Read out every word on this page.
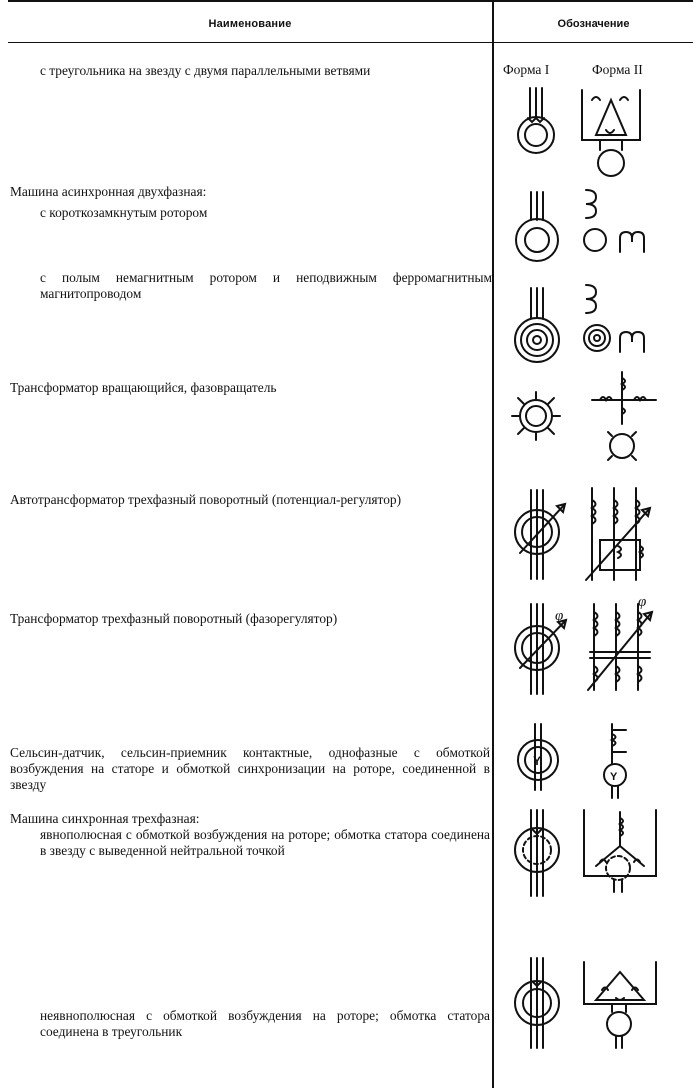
Наименование	Обозначение
Форма I	Форма II
с треугольника на звезду с двумя параллельными ветвями
Машина асинхронная двухфазная:
с короткозамкнутым ротором
с полым немагнитным ротором и неподвижным ферромагнитным магнитопроводом
Трансформатор вращающийся, фазовращатель
Автотрансформатор трехфазный поворотный (потенциал-регулятор)
Трансформатор трехфазный поворотный (фазорегулятор)
Сельсин-датчик, сельсин-приемник контактные, однофазные с обмоткой возбуждения на статоре и обмоткой синхронизации на роторе, соединенной в звезду
Машина синхронная трехфазная:
явнополюсная с обмоткой возбуждения на роторе; обмотка статора соединена в звезду с выведенной нейтральной точкой
неявнополюсная с обмоткой возбуждения на роторе; обмотка статора соединена в треугольник
φ
φ
Y
Y
